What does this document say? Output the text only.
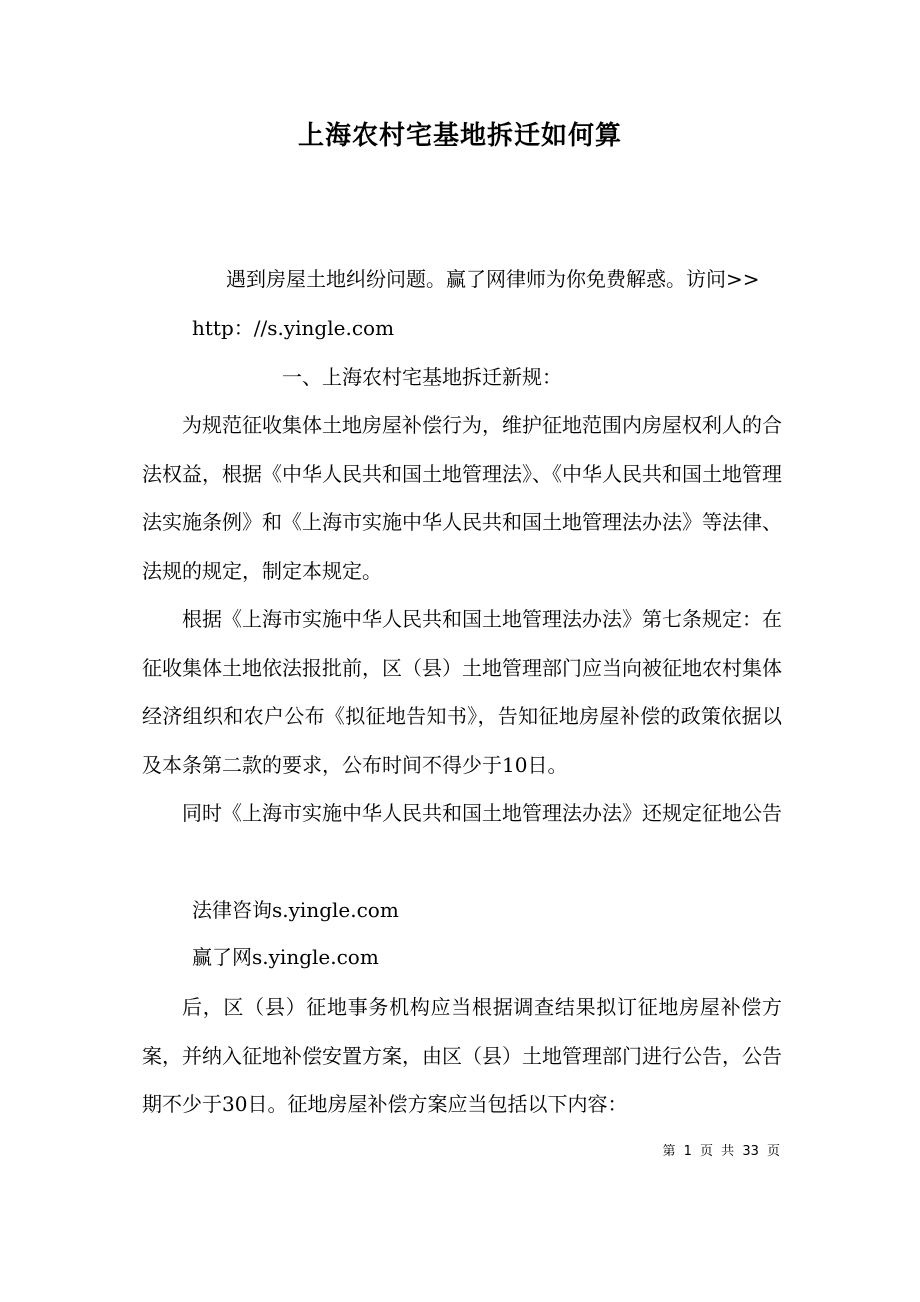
上海农村宅基地拆迁如何算
遇到房屋土地纠纷问题。赢了网律师为你免费解惑。访问>>
http：//s.yingle.com
一、上海农村宅基地拆迁新规：

为规范征收集体土地房屋补偿行为，维护征地范围内房屋权利人的合法权益，根据《中华人民共和国土地管理法》、《中华人民共和国土地管理法实施条例》和《上海市实施中华人民共和国土地管理法办法》等法律、法规的规定，制定本规定。

根据《上海市实施中华人民共和国土地管理法办法》第七条规定：在征收集体土地依法报批前，区（县）土地管理部门应当向被征地农村集体经济组织和农户公布《拟征地告知书》，告知征地房屋补偿的政策依据以及本条第二款的要求，公布时间不得少于10日。

同时《上海市实施中华人民共和国土地管理法办法》还规定征地公告

法律咨询s.yingle.com
赢了网s.yingle.com

后，区（县）征地事务机构应当根据调查结果拟订征地房屋补偿方案，并纳入征地补偿安置方案，由区（县）土地管理部门进行公告，公告期不少于30日。征地房屋补偿方案应当包括以下内容：

第 1 页 共 33 页
